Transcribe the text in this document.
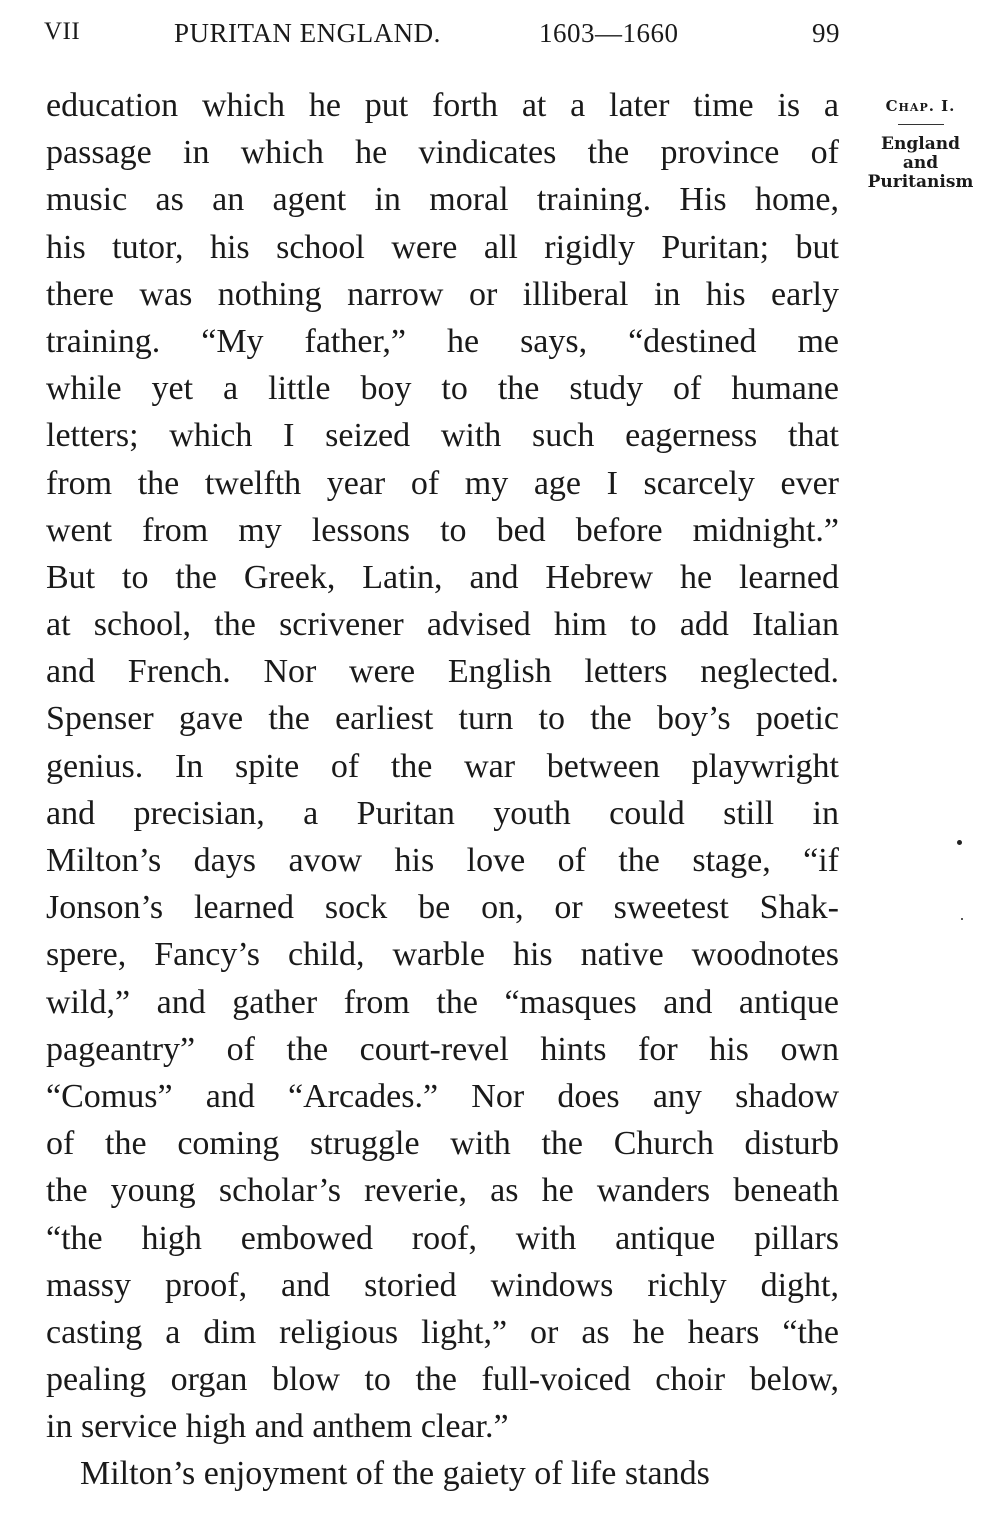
VII	PURITAN ENGLAND.	1603—1660	99
Chap. I.
England
and
Puritanism
education which he put forth at a later time is a
passage in which he vindicates the province of
music as an agent in moral training. His home,
his tutor, his school were all rigidly Puritan; but
there was nothing narrow or illiberal in his early
training. “My father,” he says, “destined me
while yet a little boy to the study of humane
letters; which I seized with such eagerness that
from the twelfth year of my age I scarcely ever
went from my lessons to bed before midnight.”
But to the Greek, Latin, and Hebrew he learned
at school, the scrivener advised him to add Italian
and French. Nor were English letters neglected.
Spenser gave the earliest turn to the boy’s poetic
genius. In spite of the war between playwright
and precisian, a Puritan youth could still in
Milton’s days avow his love of the stage, “if
Jonson’s learned sock be on, or sweetest Shak-
spere, Fancy’s child, warble his native woodnotes
wild,” and gather from the “masques and antique
pageantry” of the court-revel hints for his own
“Comus” and “Arcades.” Nor does any shadow
of the coming struggle with the Church disturb
the young scholar’s reverie, as he wanders beneath
“the high embowed roof, with antique pillars
massy proof, and storied windows richly dight,
casting a dim religious light,” or as he hears “the
pealing organ blow to the full-voiced choir below,
in service high and anthem clear.”
Milton’s enjoyment of the gaiety of life stands
